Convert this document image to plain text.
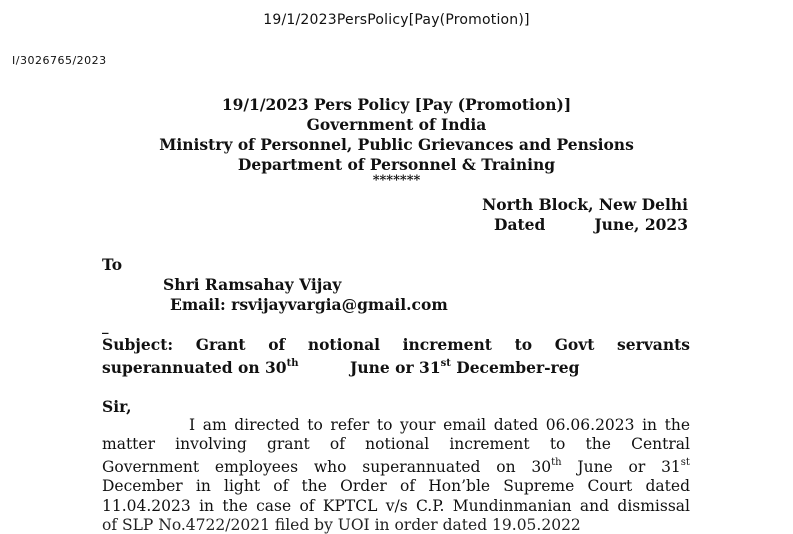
19/1/2023PersPolicy[Pay(Promotion)]
I/3026765/2023
19/1/2023 Pers Policy [Pay (Promotion)]
Government of India
Ministry of Personnel, Public Grievances and Pensions
Department of Personnel & Training
*******
North Block, New Delhi
Dated	June, 2023
To
Shri Ramsahay Vijay
Email: rsvijayvargia@gmail.com
_
Subject: Grant of notional increment to Govt servants
superannuated on 30th	June or 31st December-reg
Sir,
I am directed to refer to your email dated 06.06.2023 in the
matter involving grant of notional increment to the Central
Government employees who superannuated on 30th June or 31st
December in light of the Order of Hon’ble Supreme Court dated
11.04.2023 in the case of KPTCL v/s C.P. Mundinmanian and dismissal
of SLP No.4722/2021 filed by UOI in order dated 19.05.2022
